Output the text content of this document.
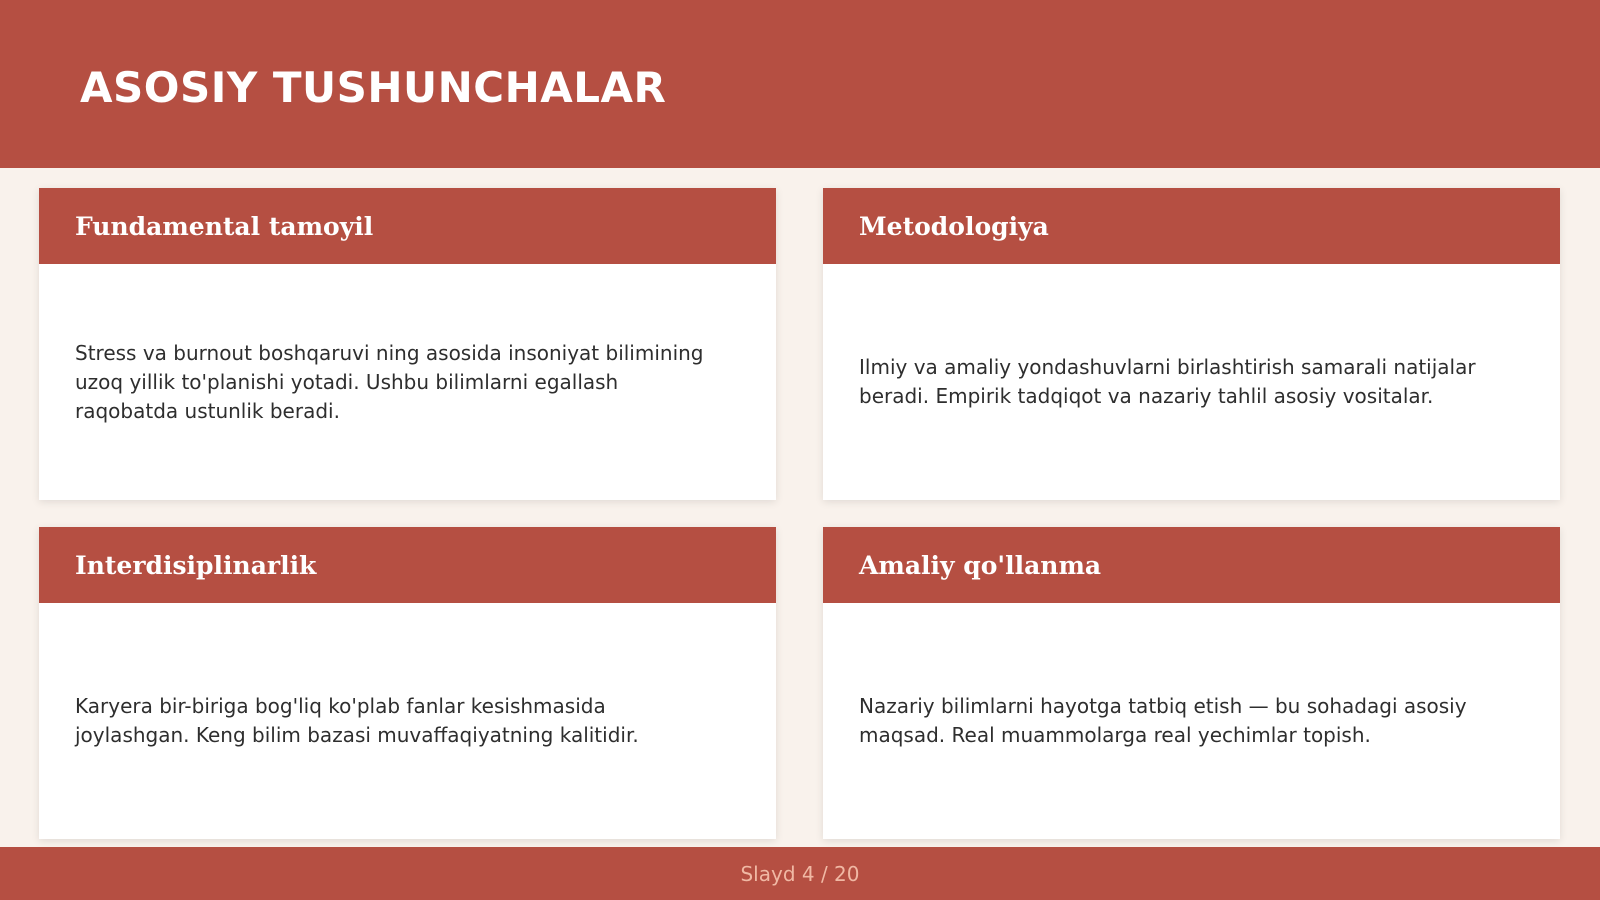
ASOSIY TUSHUNCHALAR
Fundamental tamoyil

Stress va burnout boshqaruvi ning asosida insoniyat bilimining uzoq yillik to'planishi yotadi. Ushbu bilimlarni egallash raqobatda ustunlik beradi.

Metodologiya

Ilmiy va amaliy yondashuvlarni birlashtirish samarali natijalar beradi. Empirik tadqiqot va nazariy tahlil asosiy vositalar.

Interdisiplinarlik

Karyera bir-biriga bog'liq ko'plab fanlar kesishmasida joylashgan. Keng bilim bazasi muvaffaqiyatning kalitidir.

Amaliy qo'llanma

Nazariy bilimlarni hayotga tatbiq etish — bu sohadagi asosiy maqsad. Real muammolarga real yechimlar topish.

Slayd 4 / 20
